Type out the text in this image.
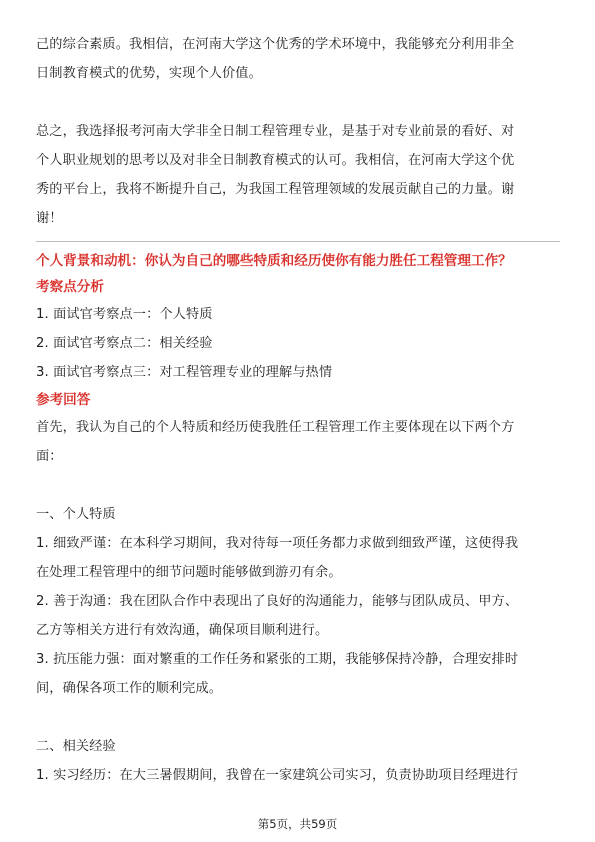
己的综合素质。我相信，在河南大学这个优秀的学术环境中，我能够充分利用非全

日制教育模式的优势，实现个人价值。

总之，我选择报考河南大学非全日制工程管理专业，是基于对专业前景的看好、对

个人职业规划的思考以及对非全日制教育模式的认可。我相信，在河南大学这个优

秀的平台上，我将不断提升自己，为我国工程管理领域的发展贡献自己的力量。谢

谢！

个人背景和动机：你认为自己的哪些特质和经历使你有能力胜任工程管理工作？

考察点分析

1. 面试官考察点一：个人特质

2. 面试官考察点二：相关经验

3. 面试官考察点三：对工程管理专业的理解与热情

参考回答

首先，我认为自己的个人特质和经历使我胜任工程管理工作主要体现在以下两个方

面：

一、个人特质

1. 细致严谨：在本科学习期间，我对待每一项任务都力求做到细致严谨，这使得我

在处理工程管理中的细节问题时能够做到游刃有余。

2. 善于沟通：我在团队合作中表现出了良好的沟通能力，能够与团队成员、甲方、

乙方等相关方进行有效沟通，确保项目顺利进行。

3. 抗压能力强：面对繁重的工作任务和紧张的工期，我能够保持冷静，合理安排时

间，确保各项工作的顺利完成。

二、相关经验

1. 实习经历：在大三暑假期间，我曾在一家建筑公司实习，负责协助项目经理进行

第5页，共59页
